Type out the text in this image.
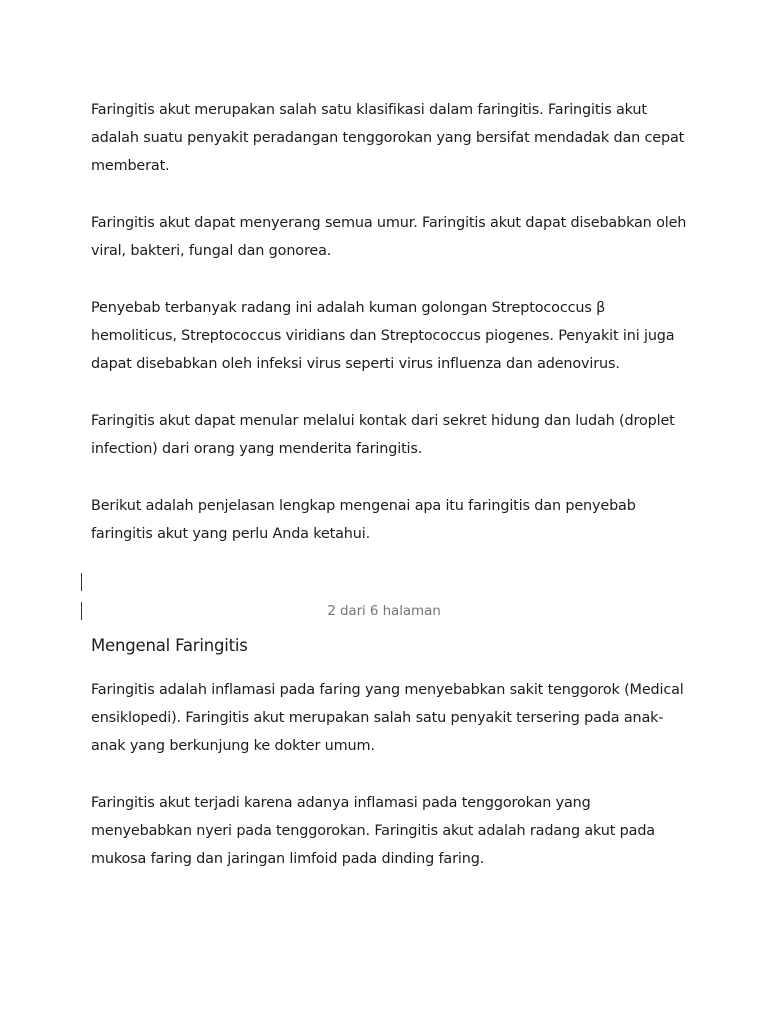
Faringitis akut merupakan salah satu klasifikasi dalam faringitis. Faringitis akut adalah suatu penyakit peradangan tenggorokan yang bersifat mendadak dan cepat memberat.

Faringitis akut dapat menyerang semua umur. Faringitis akut dapat disebabkan oleh viral, bakteri, fungal dan gonorea.

Penyebab terbanyak radang ini adalah kuman golongan Streptococcus β hemoliticus, Streptococcus viridians dan Streptococcus piogenes. Penyakit ini juga dapat disebabkan oleh infeksi virus seperti virus influenza dan adenovirus.

Faringitis akut dapat menular melalui kontak dari sekret hidung dan ludah (droplet infection) dari orang yang menderita faringitis.

Berikut adalah penjelasan lengkap mengenai apa itu faringitis dan penyebab faringitis akut yang perlu Anda ketahui.

2 dari 6 halaman

Mengenal Faringitis

Faringitis adalah inflamasi pada faring yang menyebabkan sakit tenggorok (Medical ensiklopedi). Faringitis akut merupakan salah satu penyakit tersering pada anak-anak yang berkunjung ke dokter umum.

Faringitis akut terjadi karena adanya inflamasi pada tenggorokan yang menyebabkan nyeri pada tenggorokan. Faringitis akut adalah radang akut pada mukosa faring dan jaringan limfoid pada dinding faring.
